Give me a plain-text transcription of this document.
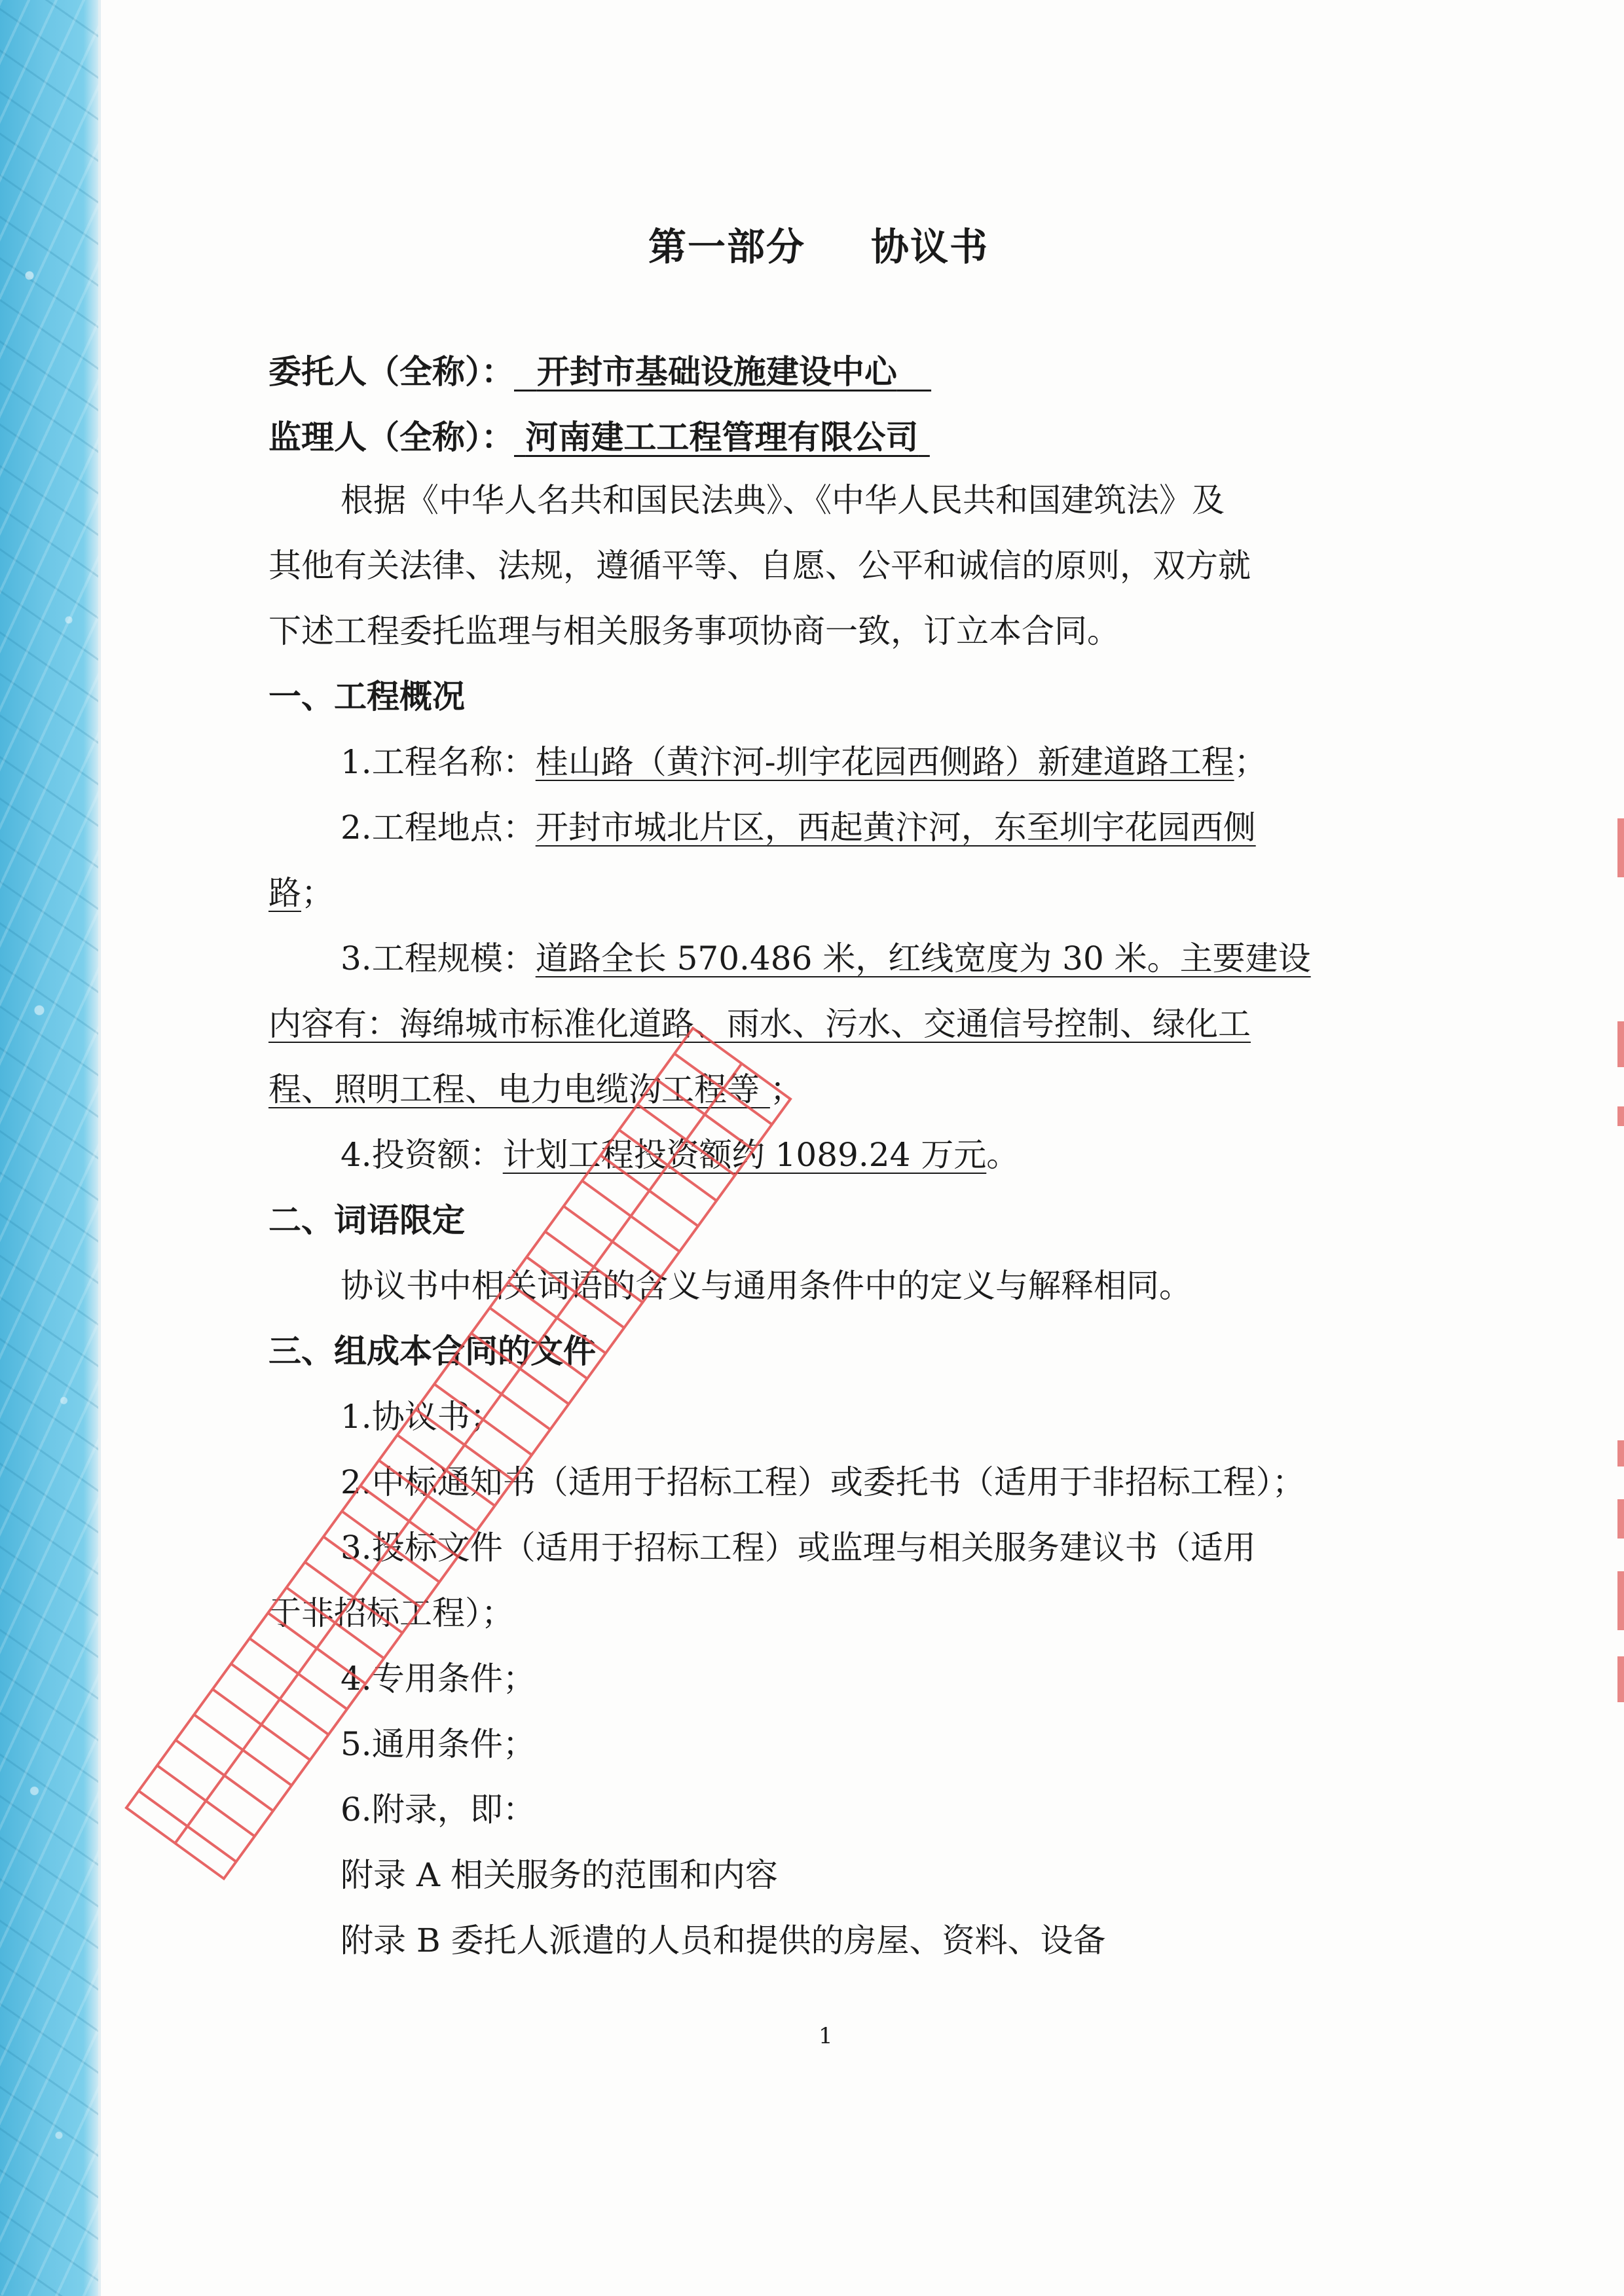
第一部分 协议书
委托人（全称）： 开封市基础设施建设中心
监理人（全称）： 河南建工工程管理有限公司
根据《中华人名共和国民法典》、《中华人民共和国建筑法》及
其他有关法律、法规，遵循平等、自愿、公平和诚信的原则，双方就
下述工程委托监理与相关服务事项协商一致，订立本合同。
一、工程概况
1.工程名称：桂山路（黄汴河-圳宇花园西侧路）新建道路工程；
2.工程地点：开封市城北片区，西起黄汴河，东至圳宇花园西侧
路；
3.工程规模：道路全长 570.486 米，红线宽度为 30 米。主要建设
内容有：海绵城市标准化道路、雨水、污水、交通信号控制、绿化工
程、照明工程、电力电缆沟工程等 ；
4.投资额：计划工程投资额约 1089.24 万元。
二、词语限定
协议书中相关词语的含义与通用条件中的定义与解释相同。
三、组成本合同的文件
1.协议书；
2.中标通知书（适用于招标工程）或委托书（适用于非招标工程）；
3.投标文件（适用于招标工程）或监理与相关服务建议书（适用
于非招标工程）；
4.专用条件；
5.通用条件；
6.附录，即：
附录 A 相关服务的范围和内容
附录 B 委托人派遣的人员和提供的房屋、资料、设备
1
